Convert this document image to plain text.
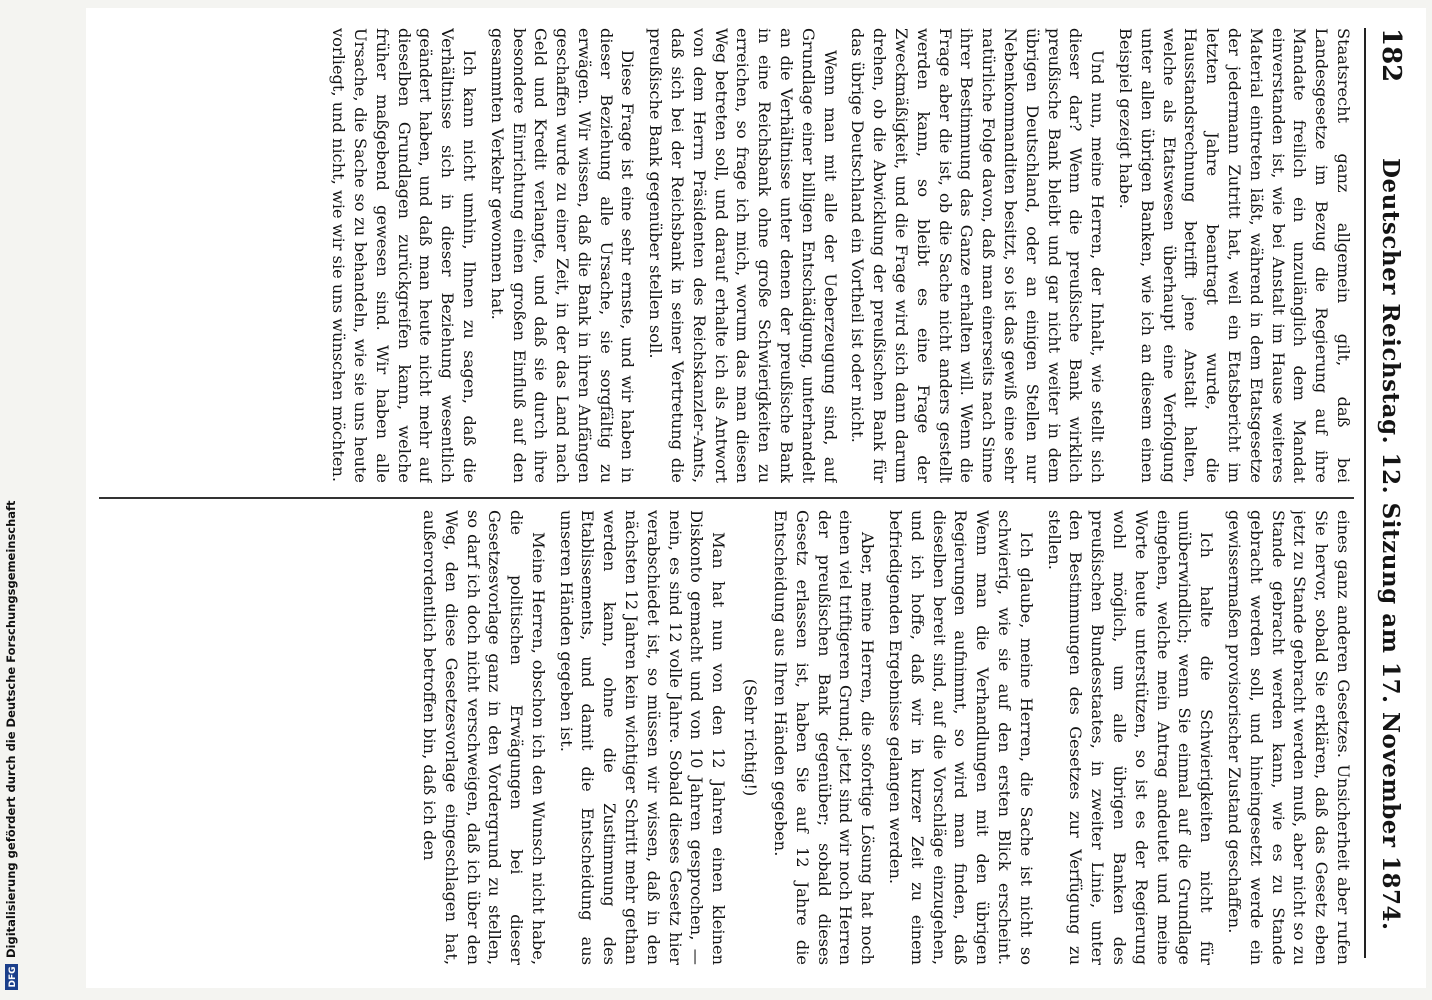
182
Deutscher Reichstag. 12. Sitzung am 17. November 1874.

Staatsrecht ganz allgemein gilt, daß bei Landesgesetze im Bezug die Regierung auf ihre Mandate freilich ein unzulänglich dem Mandat einverstanden ist, wie bei Anstalt im Hause weiteres Material eintreten läßt, während in dem Etatsgesetze der jedermann Zutritt hat, weil ein Etatsbericht im letzten Jahre beantragt wurde, die Hausstandsrechnung betrifft jene Anstalt halten, welche als Etatswesen überhaupt eine Verfolgung unter allen übrigen Banken, wie ich an diesem einen Beispiel gezeigt habe.

Und nun, meine Herren, der Inhalt, wie stellt sich dieser dar? Wenn die preußische Bank wirklich preußische Bank bleibt und gar nicht weiter in dem übrigen Deutschland, oder an einigen Stellen nur Nebenkommanditen besitzt, so ist das gewiß eine sehr natürliche Folge davon, daß man einerseits nach Sinne ihrer Bestimmung das Ganze erhalten will. Wenn die Frage aber die ist, ob die Sache nicht anders gestellt werden kann, so bleibt es eine Frage der Zweckmäßigkeit, und die Frage wird sich dann darum drehen, ob die Abwicklung der preußischen Bank für das übrige Deutschland ein Vortheil ist oder nicht.

Wenn man mit alle der Ueberzeugung sind, auf Grundlage einer billigen Entschädigung, unterhandelt an die Verhältnisse unter denen der preußische Bank in eine Reichsbank ohne große Schwierigkeiten zu erreichen, so frage ich mich, worum das man diesen Weg betreten soll, und darauf erhalte ich als Antwort von dem Herrn Präsidenten des Reichskanzler-Amts, daß sich bei der Reichsbank in seiner Vertretung die preußische Bank gegenüber stellen soll.

Diese Frage ist eine sehr ernste, und wir haben in dieser Beziehung alle Ursache, sie sorgfältig zu erwägen. Wir wissen, daß die Bank in ihren Anfängen geschaffen wurde zu einer Zeit, in der das Land nach Geld und Kredit verlangte, und daß sie durch ihre besondere Einrichtung einen großen Einfluß auf den gesammten Verkehr gewonnen hat.

Ich kann nicht umhin, Ihnen zu sagen, daß die Verhältnisse sich in dieser Beziehung wesentlich geändert haben, und daß man heute nicht mehr auf dieselben Grundlagen zurückgreifen kann, welche früher maßgebend gewesen sind. Wir haben alle Ursache, die Sache so zu behandeln, wie sie uns heute vorliegt, und nicht, wie wir sie uns wünschen möchten.

eines ganz anderen Gesetzes. Unsicherheit aber rufen Sie hervor, sobald Sie erklären, daß das Gesetz eben jetzt zu Stande gebracht werden muß, aber nicht so zu Stande gebracht werden kann, wie es zu Stande gebracht werden soll, und hineingesetzt werde ein gewissermaßen provisorischer Zustand geschaffen.

Ich halte die Schwierigkeiten nicht für unüberwindlich; wenn Sie einmal auf die Grundlage eingehen, welche mein Antrag andeutet und meine Worte heute unterstützen, so ist es der Regierung wohl möglich, um alle übrigen Banken des preußischen Bundesstaates, in zweiter Linie, unter den Bestimmungen des Gesetzes zur Verfügung zu stellen.

Ich glaube, meine Herren, die Sache ist nicht so schwierig, wie sie auf den ersten Blick erscheint. Wenn man die Verhandlungen mit den übrigen Regierungen aufnimmt, so wird man finden, daß dieselben bereit sind, auf die Vorschläge einzugehen, und ich hoffe, daß wir in kurzer Zeit zu einem befriedigenden Ergebnisse gelangen werden.

Aber, meine Herren, die sofortige Lösung hat noch einen viel triftigeren Grund; jetzt sind wir noch Herren der preußischen Bank gegenüber; sobald dieses Gesetz erlassen ist, haben Sie auf 12 Jahre die Entscheidung aus Ihren Händen gegeben.

(Sehr richtig!)

Man hat nun von den 12 Jahren einen kleinen Diskonto gemacht und von 10 Jahren gesprochen, — nein, es sind 12 volle Jahre. Sobald dieses Gesetz hier verabschiedet ist, so müssen wir wissen, daß in den nächsten 12 Jahren kein wichtiger Schritt mehr gethan werden kann, ohne die Zustimmung des Etablissements, und damit die Entscheidung aus unseren Händen gegeben ist.

Meine Herren, obschon ich den Wunsch nicht habe, die politischen Erwägungen bei dieser Gesetzesvorlage ganz in den Vordergrund zu stellen, so darf ich doch nicht verschweigen, daß ich über den Weg, den diese Gesetzesvorlage eingeschlagen hat, außerordentlich betroffen bin, daß ich den

DFG
Digitalisierung gefördert durch die Deutsche Forschungsgemeinschaft
